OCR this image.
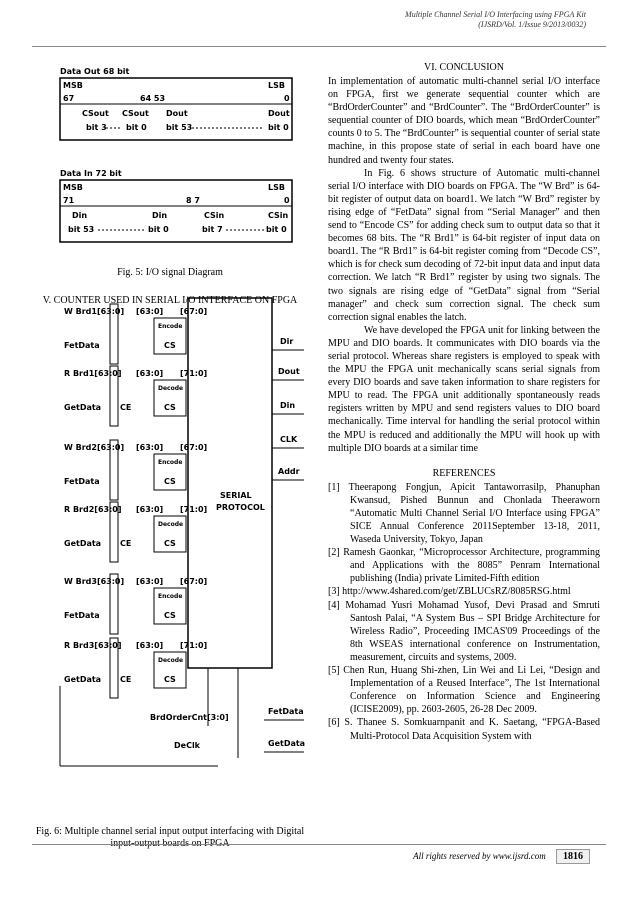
Multiple Channel Serial I/O Interfacing using FPGA Kit
(IJSRD/Vol. 1/Issue 9/2013/0032)
Data Out 68 bit
MSB	LSB
67	64 53	0
CSout CSout Dout	Dout
bit 3 bit 0 bit 53	bit 0
Data In 72 bit
MSB	LSB
71	8 7	0
Din	Din	CSin	CSin
bit 53	bit 0	bit 7	bit 0
Fig. 5: I/O signal Diagram
V. COUNTER USED IN SERIAL I/O INTERFACE ON FPGA
SERIAL
PROTOCOL
Dir
Dout
Din
CLK
Addr
W Brd1[63:0]
FetData
[63:0]
Encode
CS
[67:0]
R Brd1[63:0]
GetData CE
[63:0]
Decode
CS
[71:0]
W Brd2[63:0]
FetData
[63:0]
Encode
CS
[67:0]
R Brd2[63:0]
GetData CE
[63:0]
Decode
CS
[71:0]
W Brd3[63:0]
FetData
[63:0]
Encode
CS
[67:0]
R Brd3[63:0]
GetData CE
[63:0]
Decode
CS
[71:0]
BrdOrderCnt[3:0]
FetData
DeClk	GetData
Fig. 6: Multiple channel serial input output interfacing with Digital
VI. CONCLUSION

In implementation of automatic multi-channel serial I/O interface on FPGA, first we generate sequential counter which are “BrdOrderCounter” and “BrdCounter”. The “BrdOrderCounter” is sequential counter of DIO boards, which mean “BrdOrderCounter” counts 0 to 5. The “BrdCounter” is sequential counter of serial state machine, in this propose state of serial in each board have one hundred and twenty four states.

In Fig. 6 shows structure of Automatic multi-channel serial I/O interface with DIO boards on FPGA. The “W Brd” is 64-bit register of output data on board1. We latch “W Brd” register by rising edge of “FetData” signal from “Serial Manager” and then send to “Encode CS” for adding check sum to output data so that it becomes 68 bits. The “R Brd1” is 64-bit register of input data on board1. The “R Brd1” is 64-bit register coming from “Decode CS”, which is for check sum decoding of 72-bit input data and input data correction. We latch “R Brd1” register by using two signals. The two signals are rising edge of “GetData” signal from “Serial manager” and check sum correction signal. The check sum correction signal enables the latch.

We have developed the FPGA unit for linking between the MPU and DIO boards. It communicates with DIO boards via the serial protocol. Whereas share registers is employed to speak with the MPU the FPGA unit mechanically scans serial signals from every DIO boards and save taken information to share registers for MPU to read. The FPGA unit additionally spontaneously reads registers written by MPU and send registers values to DIO board mechanically. Time interval for handling the serial protocol within the MPU is reduced and additionally the MPU will hook up with multiple DIO boards at a similar time

REFERENCES
[1] Theerapong Fongjun, Apicit Tantaworrasilp, Phanuphan Kwansud, Pished Bunnun and Chonlada Theeraworn “Automatic Multi Channel Serial I/O Interface using FPGA” SICE Annual Conference 2011September 13-18, 2011, Waseda University, Tokyo, Japan
[2] Ramesh Gaonkar, “Microprocessor Architecture, programming and Applications with the 8085” Penram International publishing (India) private Limited-Fifth edition
[3] http://www.4shared.com/get/ZBLUCsRZ/8085RSG.html
[4] Mohamad Yusri Mohamad Yusof, Devi Prasad and Smruti Santosh Palai, “A System Bus – SPI Bridge Architecture for Wireless Radio”, Proceeding IMCAS'09 Proceedings of the 8th WSEAS international conference on Instrumentation, measurement, circuits and systems, 2009.
[5] Chen Run, Huang Shi-zhen, Lin Wei and Li Lei, “Design and Implementation of a Reused Interface”, The 1st International Conference on Information Science and Engineering (ICISE2009), pp. 2603-2605, 26-28 Dec 2009.
[6] S. Thanee S. Somkuarnpanit and K. Saetang, “FPGA-Based Multi-Protocol Data Acquisition System with
All rights reserved by www.ijsrd.com 1816
